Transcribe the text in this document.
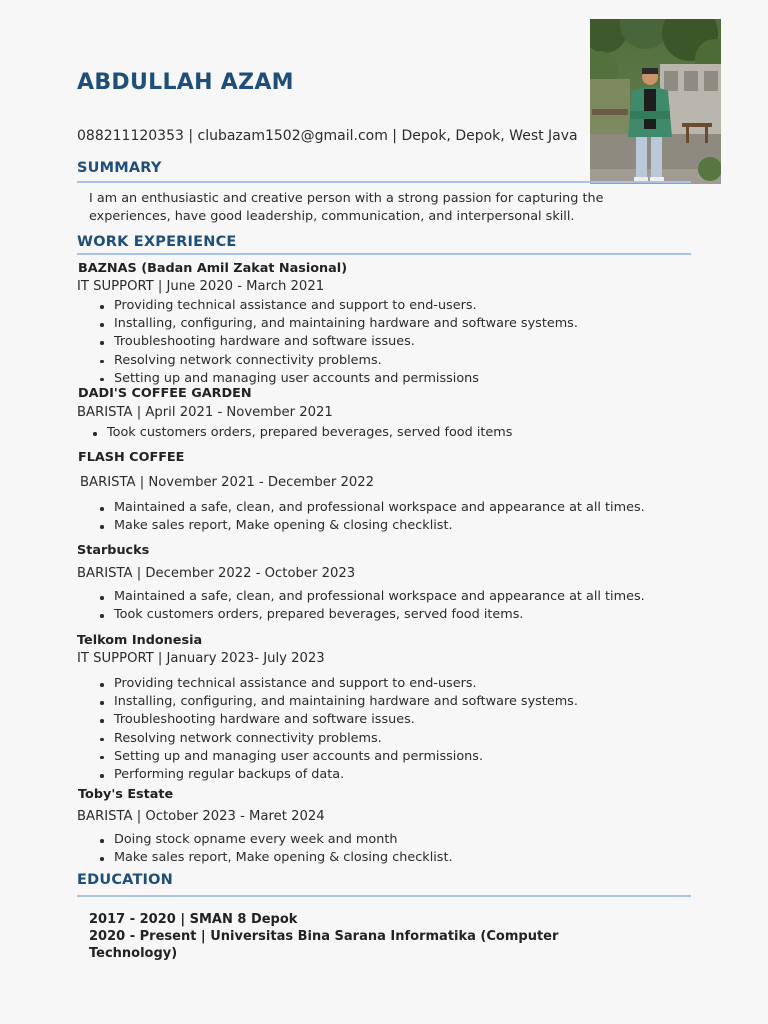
ABDULLAH AZAM
088211120353 | clubazam1502@gmail.com | Depok, Depok, West Java
SUMMARY
I am an enthusiastic and creative person with a strong passion for capturing the experiences, have good leadership, communication, and interpersonal skill.
WORK EXPERIENCE
BAZNAS (Badan Amil Zakat Nasional)
IT SUPPORT | June 2020 - March 2021
Providing technical assistance and support to end-users.
Installing, configuring, and maintaining hardware and software systems.
Troubleshooting hardware and software issues.
Resolving network connectivity problems.
Setting up and managing user accounts and permissions
DADI'S COFFEE GARDEN
BARISTA | April 2021 - November 2021
Took customers orders, prepared beverages, served food items
FLASH COFFEE
BARISTA | November 2021 - December 2022
Maintained a safe, clean, and professional workspace and appearance at all times.
Make sales report, Make opening & closing checklist.
Starbucks
BARISTA | December 2022 - October 2023
Maintained a safe, clean, and professional workspace and appearance at all times.
Took customers orders, prepared beverages, served food items.
Telkom Indonesia
IT SUPPORT | January 2023- July 2023
Providing technical assistance and support to end-users.
Installing, configuring, and maintaining hardware and software systems.
Troubleshooting hardware and software issues.
Resolving network connectivity problems.
Setting up and managing user accounts and permissions.
Performing regular backups of data.
Toby's Estate
BARISTA | October 2023 - Maret 2024
Doing stock opname every week and month
Make sales report, Make opening & closing checklist.
EDUCATION
2017 - 2020 | SMAN 8 Depok
2020 - Present | Universitas Bina Sarana Informatika (Computer
Technology)
